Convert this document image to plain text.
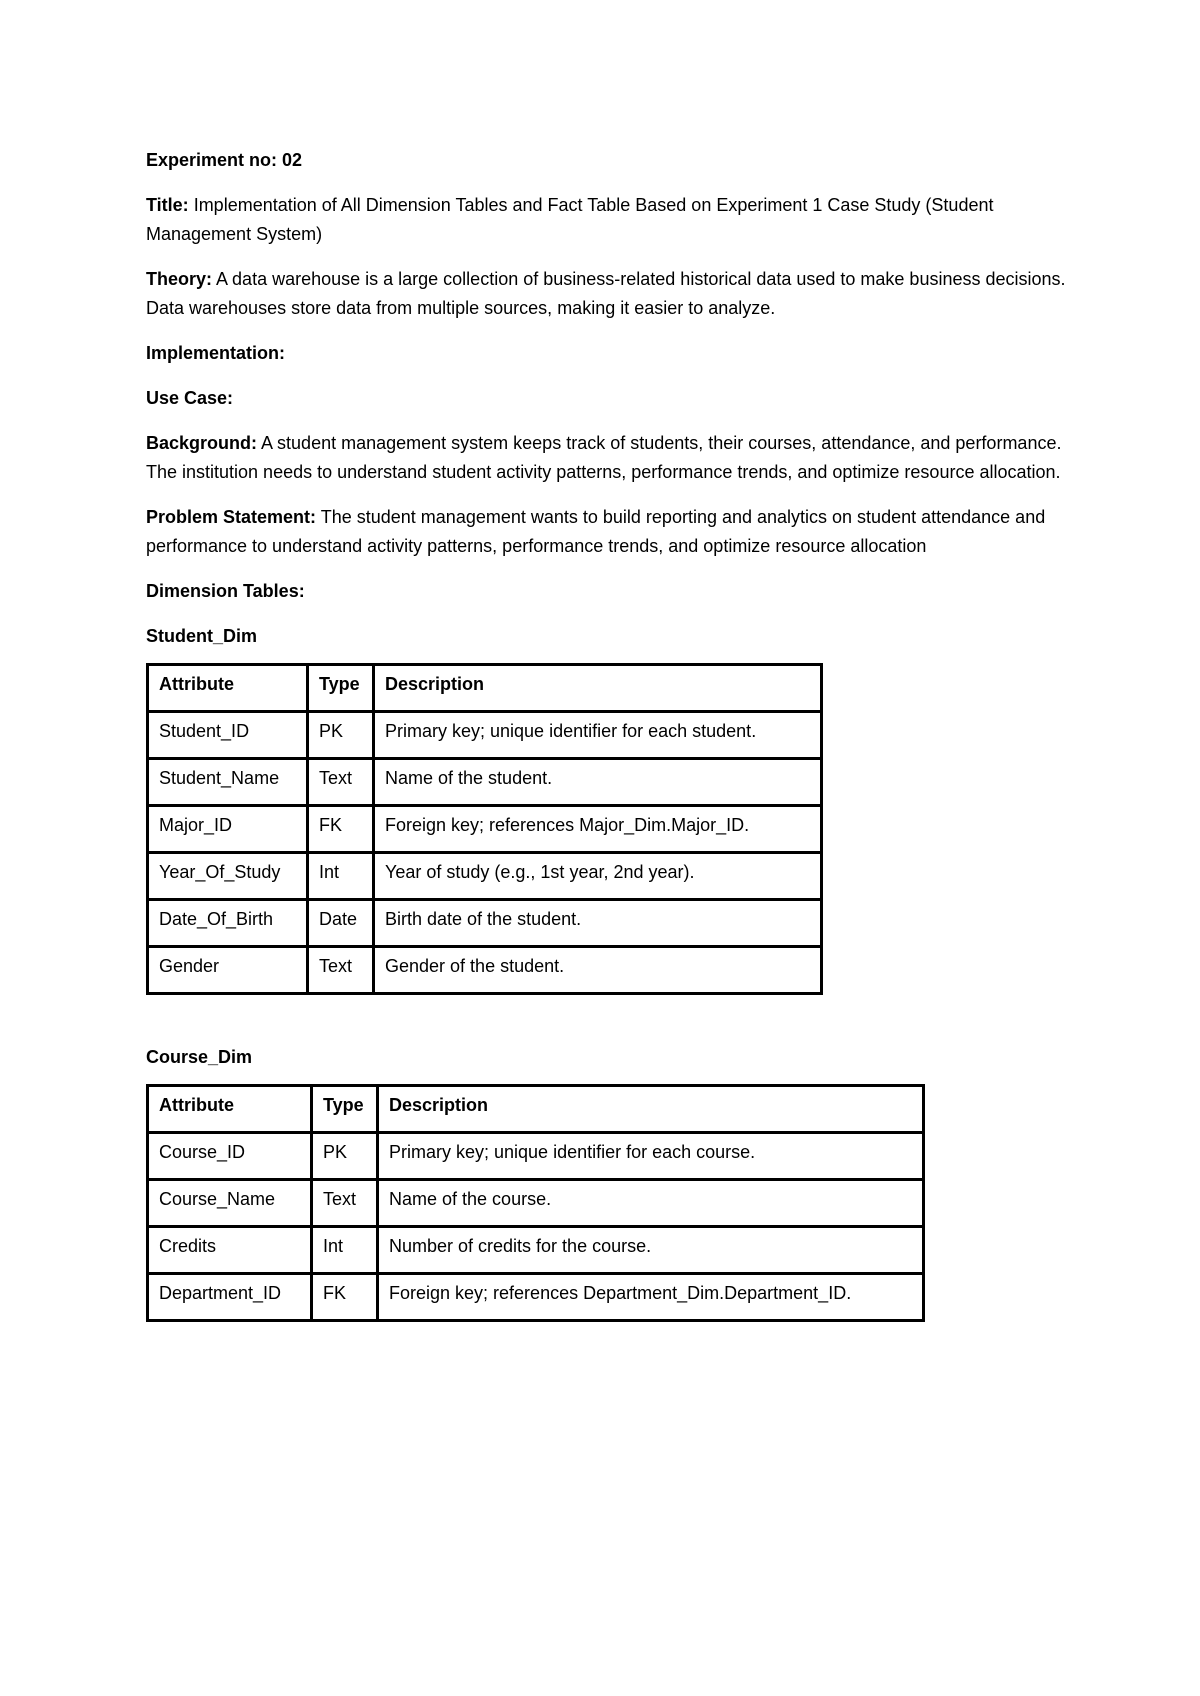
Experiment no: 02

Title: Implementation of All Dimension Tables and Fact Table Based on Experiment 1 Case Study (Student Management System)

Theory: A data warehouse is a large collection of business-related historical data used to make business decisions. Data warehouses store data from multiple sources, making it easier to analyze.

Implementation:

Use Case:

Background: A student management system keeps track of students, their courses, attendance, and performance. The institution needs to understand student activity patterns, performance trends, and optimize resource allocation.

Problem Statement: The student management wants to build reporting and analytics on student attendance and performance to understand activity patterns, performance trends, and optimize resource allocation

Dimension Tables:

Student_Dim

Attribute	Type	Description
Student_ID	PK	Primary key; unique identifier for each student.
Student_Name	Text	Name of the student.
Major_ID	FK	Foreign key; references Major_Dim.Major_ID.
Year_Of_Study	Int	Year of study (e.g., 1st year, 2nd year).
Date_Of_Birth	Date	Birth date of the student.
Gender	Text	Gender of the student.

Course_Dim

Attribute	Type	Description
Course_ID	PK	Primary key; unique identifier for each course.
Course_Name	Text	Name of the course.
Credits	Int	Number of credits for the course.
Department_ID	FK	Foreign key; references Department_Dim.Department_ID.
